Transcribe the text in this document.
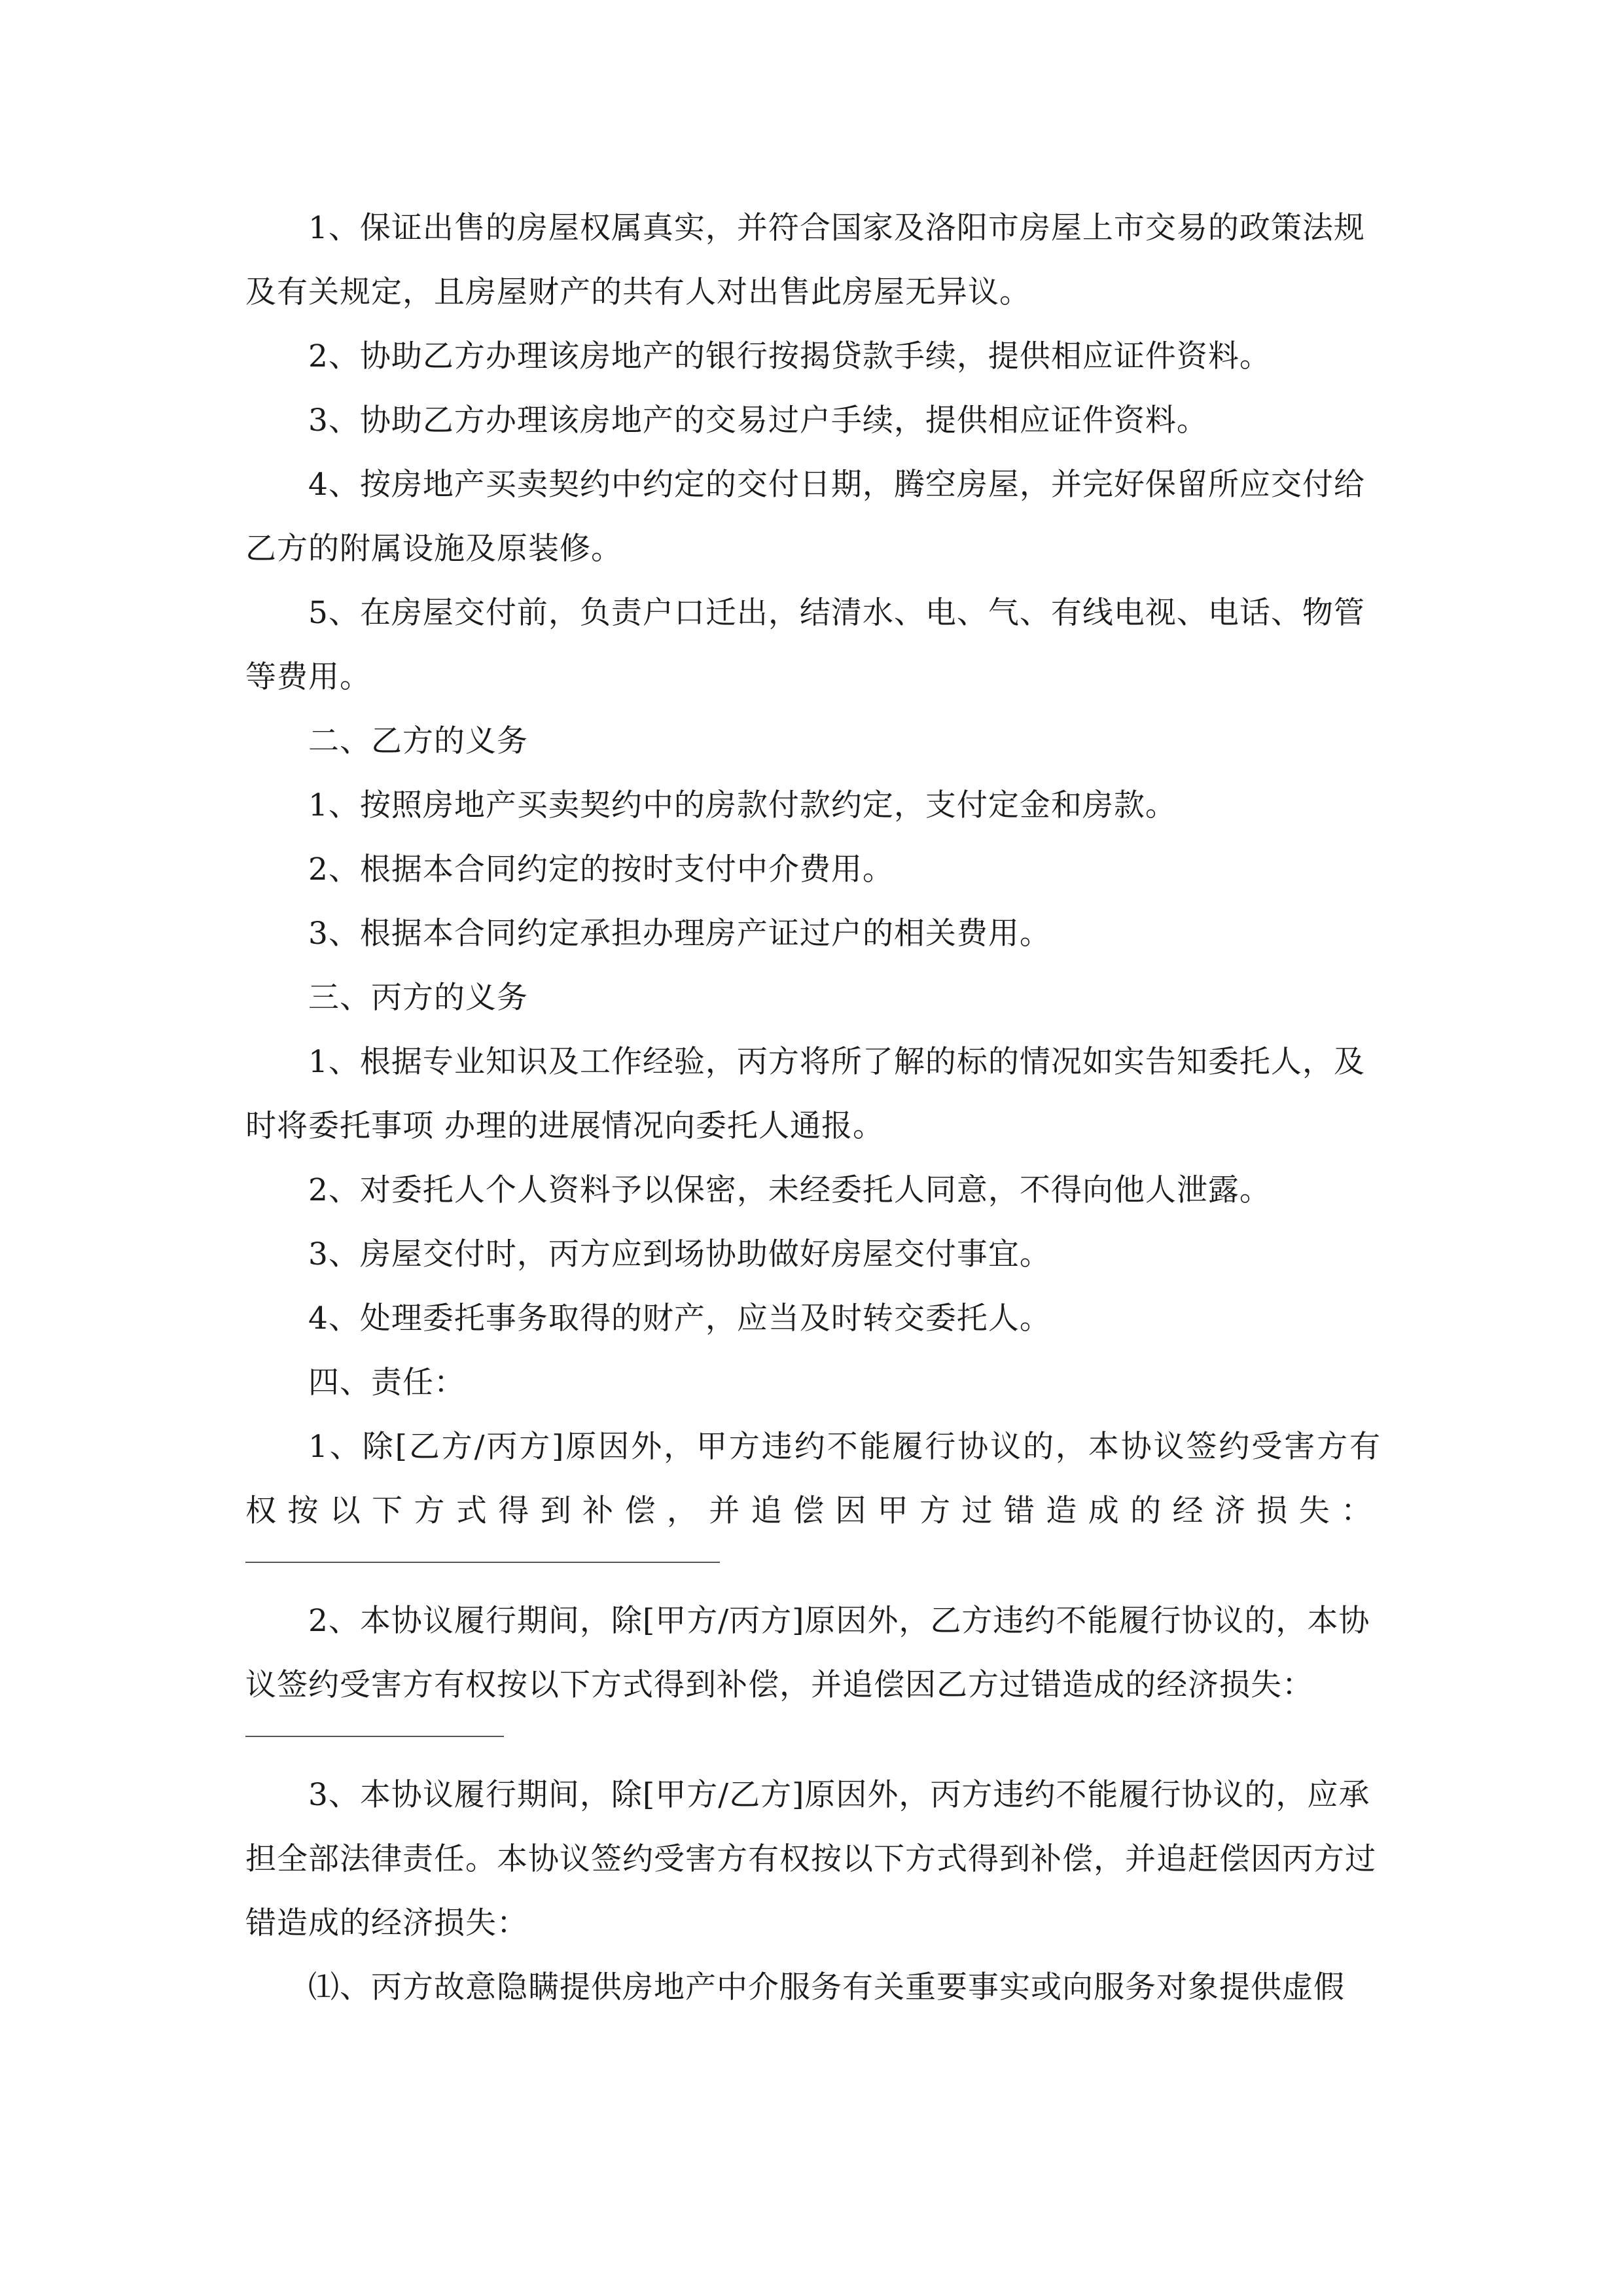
1、保证出售的房屋权属真实，并符合国家及洛阳市房屋上市交易的政策法规及有关规定，且房屋财产的共有人对出售此房屋无异议。

2、协助乙方办理该房地产的银行按揭贷款手续，提供相应证件资料。

3、协助乙方办理该房地产的交易过户手续，提供相应证件资料。

4、按房地产买卖契约中约定的交付日期，腾空房屋，并完好保留所应交付给乙方的附属设施及原装修。

5、在房屋交付前，负责户口迁出，结清水、电、气、有线电视、电话、物管等费用。

二、乙方的义务

1、按照房地产买卖契约中的房款付款约定，支付定金和房款。

2、根据本合同约定的按时支付中介费用。

3、根据本合同约定承担办理房产证过户的相关费用。

三、丙方的义务

1、根据专业知识及工作经验，丙方将所了解的标的情况如实告知委托人，及时将委托事项 办理的进展情况向委托人通报。

2、对委托人个人资料予以保密，未经委托人同意，不得向他人泄露。

3、房屋交付时，丙方应到场协助做好房屋交付事宜。

4、处理委托事务取得的财产，应当及时转交委托人。

四、责任：

1、除[乙方/丙方]原因外，甲方违约不能履行协议的，本协议签约受害方有

权按以下方式得到补偿，并追偿因甲方过错造成的经济损失：

2、本协议履行期间，除[甲方/丙方]原因外，乙方违约不能履行协议的，本协议签约受害方有权按以下方式得到补偿，并追偿因乙方过错造成的经济损失：

3、本协议履行期间，除[甲方/乙方]原因外，丙方违约不能履行协议的，应承担全部法律责任。本协议签约受害方有权按以下方式得到补偿，并追赶偿因丙方过错造成的经济损失：

⑴、丙方故意隐瞒提供房地产中介服务有关重要事实或向服务对象提供虚假
